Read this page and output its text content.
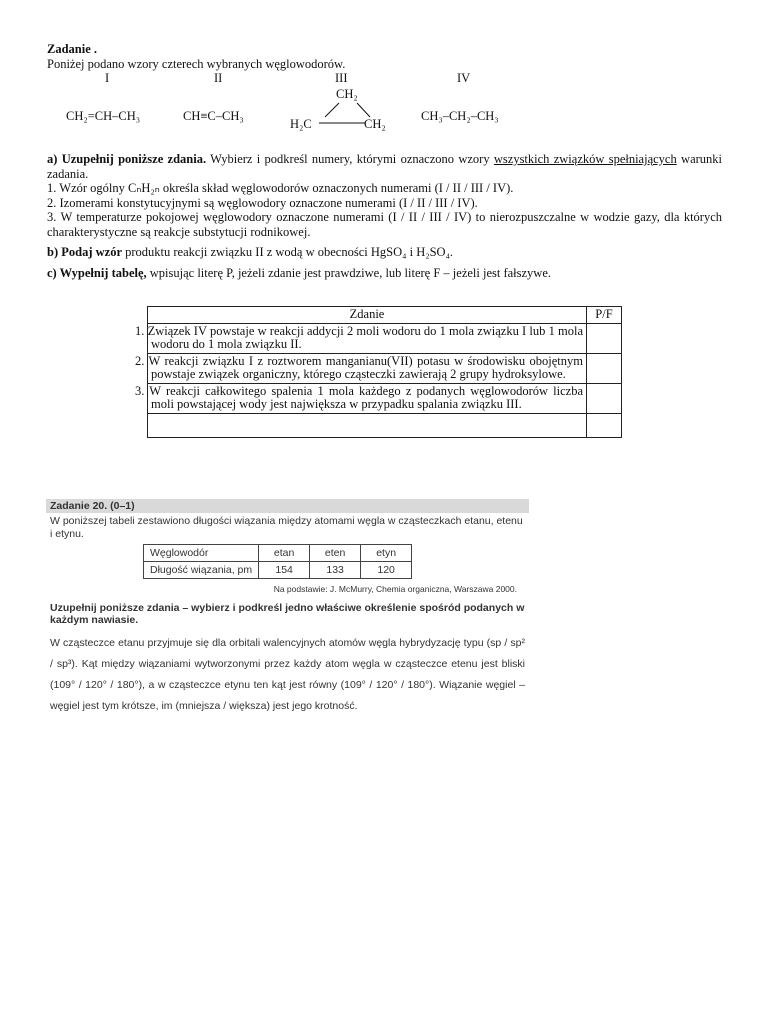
Zadanie .
Poniżej podano wzory czterech wybranych węglowodorów.
I	II	III	IV
CH₂=CH–CH₃	CH≡C–CH₃
CH₂
H₂C	CH₂
CH₃–CH₂–CH₃

a) Uzupełnij poniższe zdania. Wybierz i podkreśl numery, którymi oznaczono wzory wszystkich związków spełniających warunki zadania.

1. Wzór ogólny CₙH₂ₙ określa skład węglowodorów oznaczonych numerami (I / II / III / IV).

2. Izomerami konstytucyjnymi są węglowodory oznaczone numerami (I / II / III / IV).

3. W temperaturze pokojowej węglowodory oznaczone numerami (I / II / III / IV) to nierozpuszczalne w wodzie gazy, dla których charakterystyczne są reakcje substytucji rodnikowej.

b) Podaj wzór produktu reakcji związku II z wodą w obecności HgSO₄ i H₂SO₄.

c) Wypełnij tabelę, wpisując literę P, jeżeli zdanie jest prawdziwe, lub literę F – jeżeli jest fałszywe.

Zdanie	P/F
1. Związek IV powstaje w reakcji addycji 2 moli wodoru do 1 mola związku I lub 1 mola wodoru do 1 mola związku II.	
2. W reakcji związku I z roztworem manganianu(VII) potasu w środowisku obojętnym powstaje związek organiczny, którego cząsteczki zawierają 2 grupy hydroksylowe.	
3. W reakcji całkowitego spalenia 1 mola każdego z podanych węglowodorów liczba moli powstającej wody jest największa w przypadku spalania związku III.	

Zadanie 20. (0–1)
W poniższej tabeli zestawiono długości wiązania między atomami węgla w cząsteczkach etanu, etenu i etynu.
Węglowodór	etan	eten	etyn
Długość wiązania, pm	154	133	120
Na podstawie: J. McMurry, Chemia organiczna, Warszawa 2000.
Uzupełnij poniższe zdania – wybierz i podkreśl jedno właściwe określenie spośród podanych w każdym nawiasie.
W cząsteczce etanu przyjmuje się dla orbitali walencyjnych atomów węgla hybrydyzację typu (sp / sp² / sp³). Kąt między wiązaniami wytworzonymi przez każdy atom węgla w cząsteczce etenu jest bliski (109° / 120° / 180°), a w cząsteczce etynu ten kąt jest równy (109° / 120° / 180°). Wiązanie węgiel – węgiel jest tym krótsze, im (mniejsza / większa) jest jego krotność.
